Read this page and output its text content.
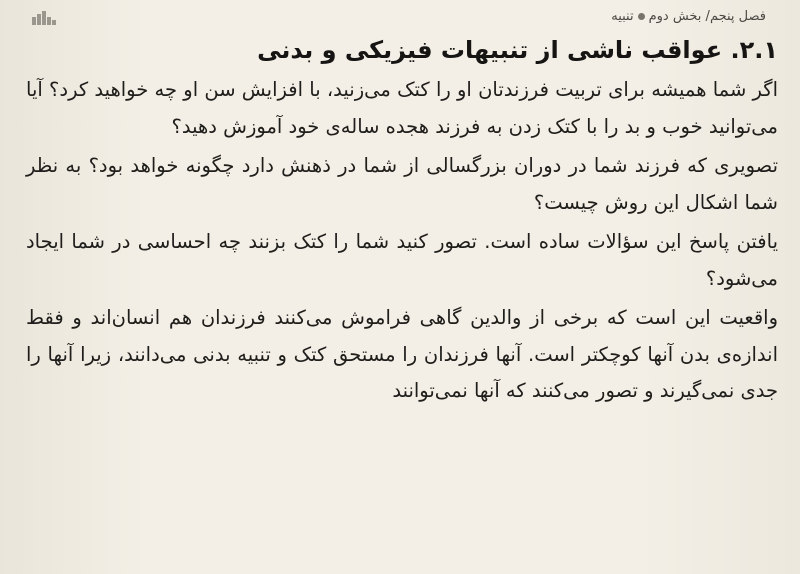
فصل پنجم/ بخش دومتنبیه
۲.۱. عواقب ناشی از تنبیهات فیزیکی و بدنی

اگر شما همیشه برای تربیت فرزندتان او را کتک می‌زنید، با افزایش سن او چه خواهید کرد؟ آیا می‌توانید خوب و بد را با کتک زدن به فرزند هجده ساله‌ی خود آموزش دهید؟

تصویری که فرزند شما در دوران بزرگسالی از شما در ذهنش دارد چگونه خواهد بود؟ به نظر شما اشکال این روش چیست؟

یافتن پاسخ این سؤالات ساده است. تصور کنید شما را کتک بزنند چه احساسی در شما ایجاد می‌شود؟

واقعیت این است که برخی از والدین گاهی فراموش می‌کنند فرزندان هم انسان‌اند و فقط اندازه‌ی بدن آنها کوچکتر است. آنها فرزندان را مستحق کتک و تنبیه بدنی می‌دانند، زیرا آنها را جدی نمی‌گیرند و تصور می‌کنند که آنها نمی‌توانند
